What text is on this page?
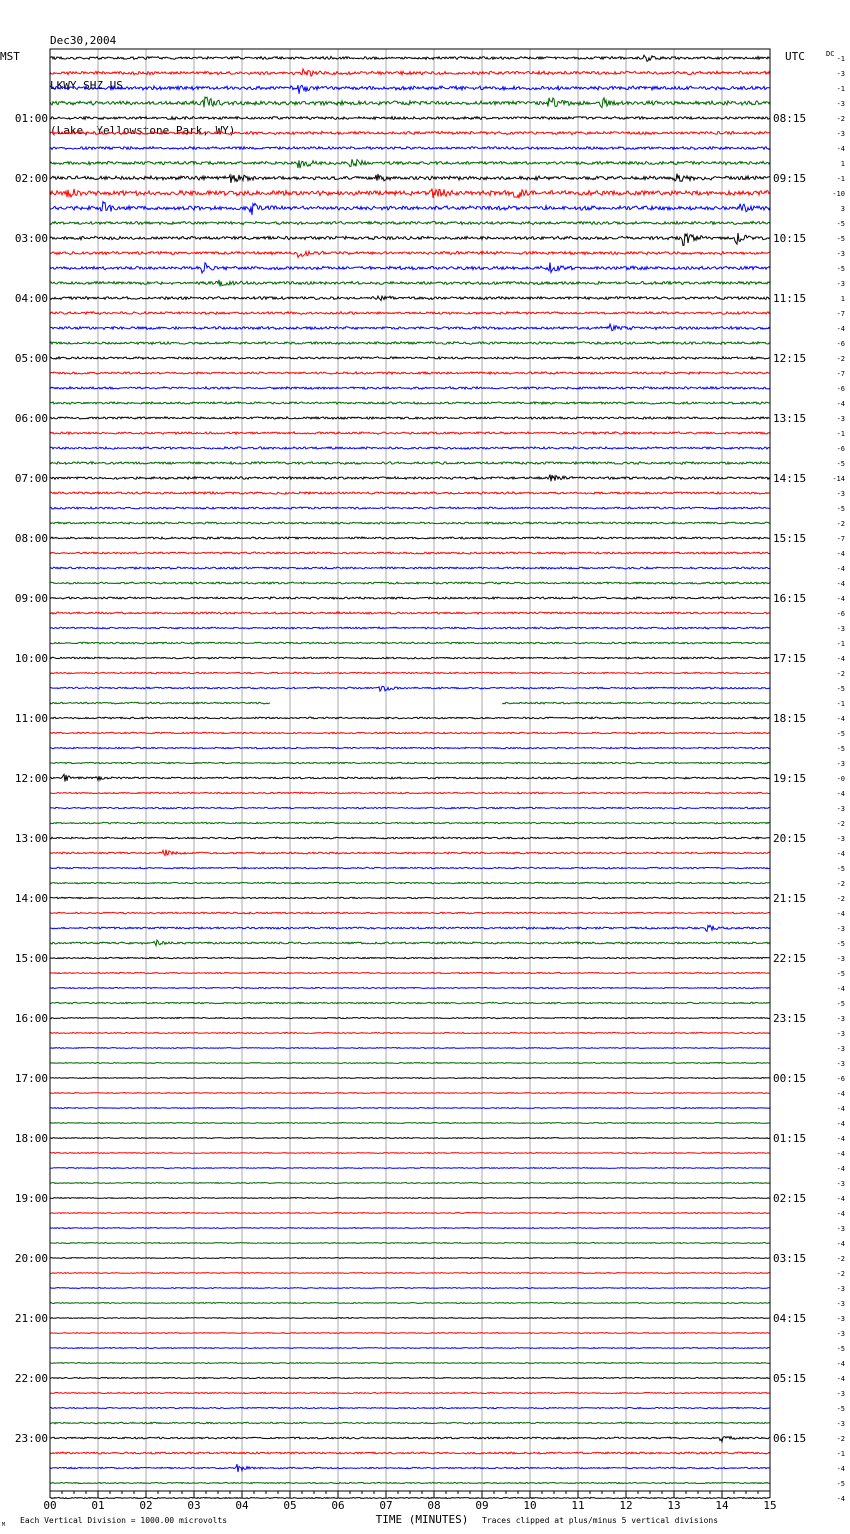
Dec30,2004

LKWY SHZ US

(Lake, Yellowstone Park, WY)

MST	UTC
00	01	02	03	04	05	06	07	08	09	10	11	12	13	14	15
01:00
02:00
03:00
04:00
05:00
06:00
07:00
08:00
09:00
10:00
11:00
12:00
13:00
14:00
15:00
16:00
17:00
18:00
19:00
20:00
21:00
22:00
23:00
08:15
09:15
10:15
11:15
12:15
13:15
14:15
15:15
16:15
17:15
18:15
19:15
20:15
21:15
22:15
23:15
00:15
01:15
02:15
03:15
04:15
05:15
06:15
DC
-1
-3
-1
-3
-2
-3
-4
1
-1
-10
3
-5
-5
-3
-5
-3
1
-7
-4
-6
-2
-7
-6
-4
-3
-1
-6
-5
-14
-3
-5
-2
-7
-4
-4
-4
-4
-6
-3
-1
-4
-2
-5
-1
-4
-5
-5
-3
-0
-4
-3
-2
-3
-4
-5
-2
-2
-4
-3
-5
-3
-5
-4
-5
-3
-3
-3
-3
-6
-4
-4
-4
-4
-4
-4
-3
-4
-4
-3
-4
-2
-2
-3
-3
-3
-3
-5
-4
-4
-3
-5
-3
-2
-1
-4
-5
-4
TIME (MINUTES)
Each Vertical Division = 1000.00 microvolts	Traces clipped at plus/minus 5 vertical divisions
M
